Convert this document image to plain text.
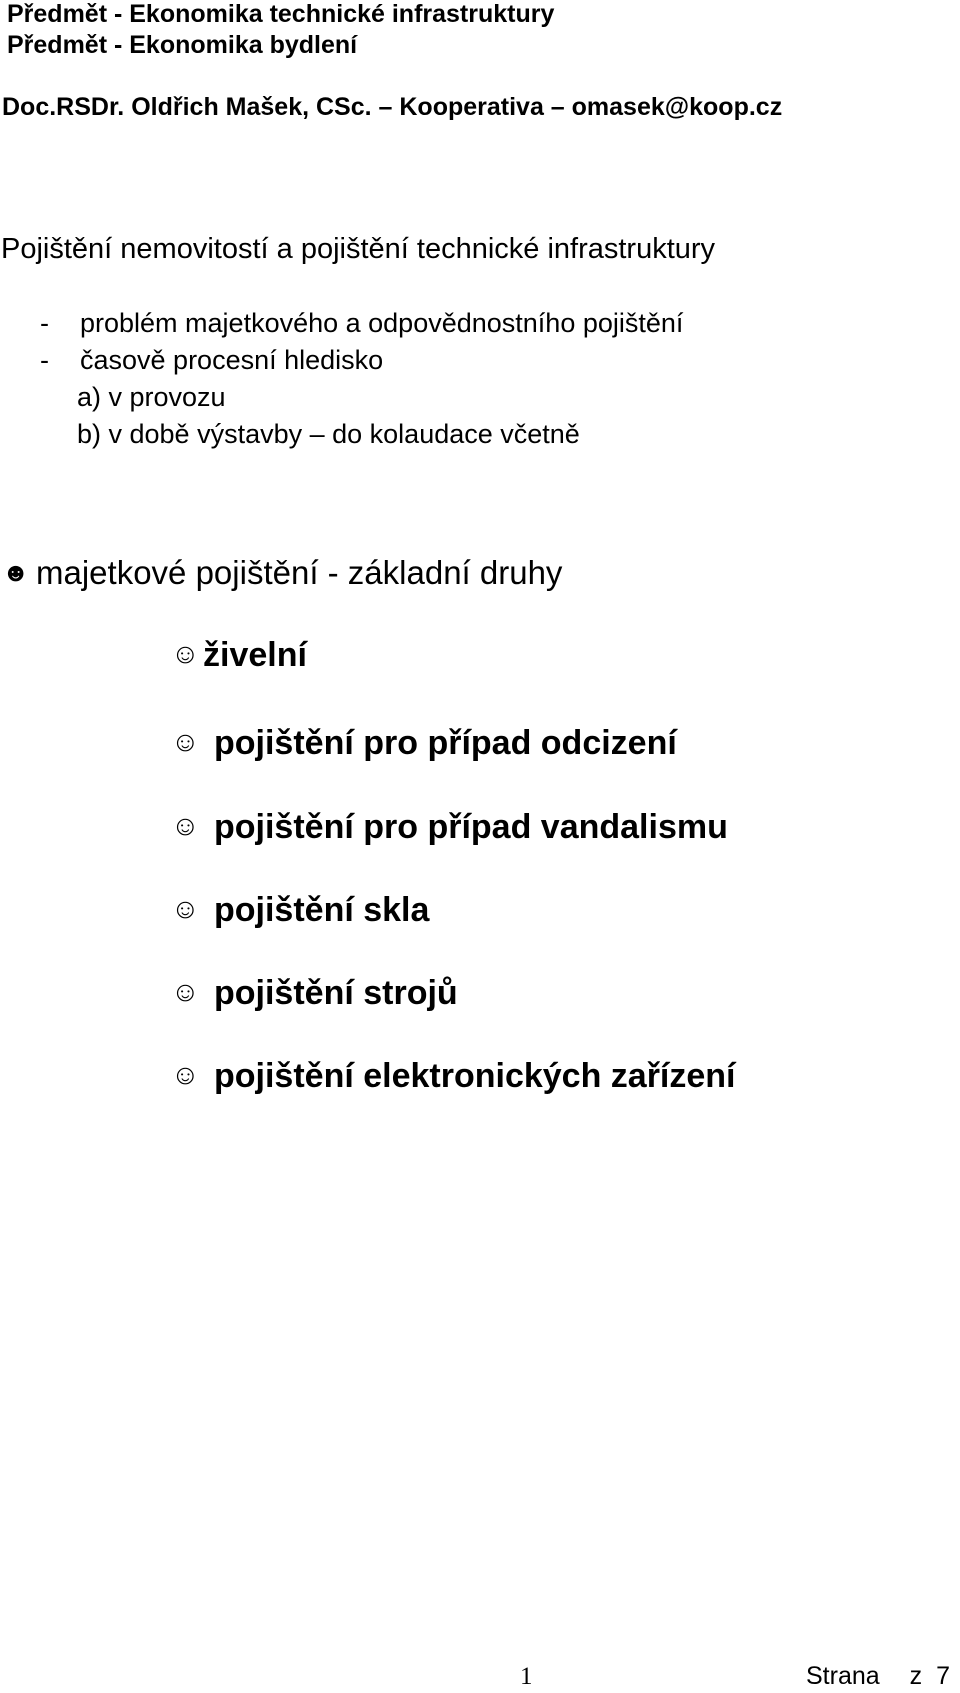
Předmět - Ekonomika technické infrastruktury
Předmět - Ekonomika bydlení
Doc.RSDr. Oldřich Mašek, CSc. – Kooperativa – omasek@koop.cz
Pojištění nemovitostí a pojištění technické infrastruktury
- problém majetkového a odpovědnostního pojištění
- časově procesní hledisko
a) v provozu
b) v době výstavby – do kolaudace včetně
☻ majetkové pojištění - základní druhy
☺ živelní
☺ pojištění pro případ odcizení
☺ pojištění pro případ vandalismu
☺ pojištění skla
☺ pojištění strojů
☺ pojištění elektronických zařízení
1	Strana z 7
